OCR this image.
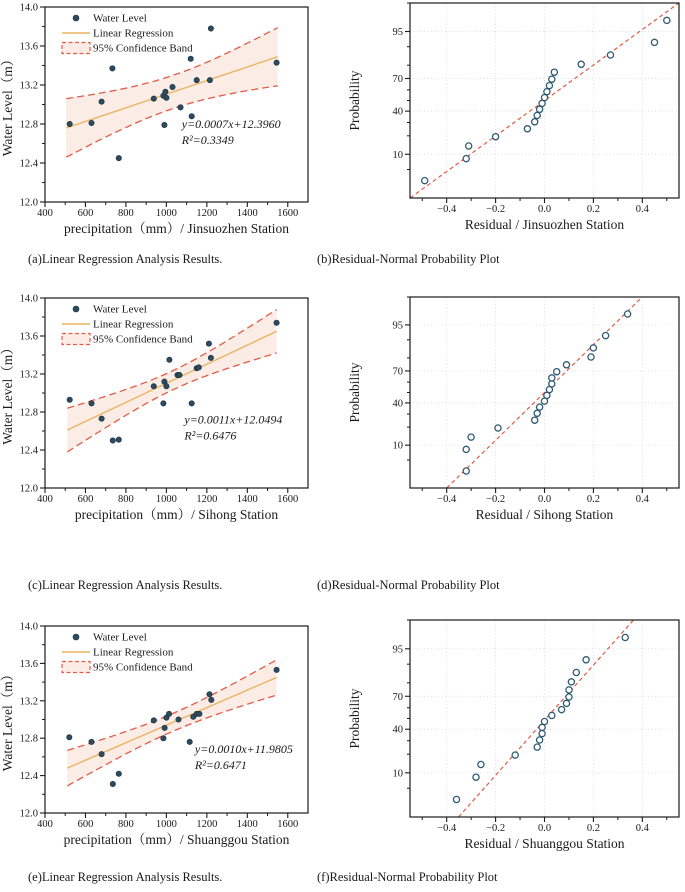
12.0
12.4
12.8
13.2
13.6
14.0
400 600 800 1000 1200 1400 1600
precipitation（mm）/ Jinsuozhen Station
Water Level（m）
Water Level
Linear Regression
95% Confidence Band
y=0.0007x+12.3960
R²=0.3349
10
40
70
95
−0.4	−0.2	0.0	0.2	0.4
Residual / Jinsuozhen Station
Probability
12.0
12.4
12.8
13.2
13.6
14.0
400 600 800 1000 1200 1400 1600
precipitation（mm）/ Sihong Station
Water Level（m）
Water Level
Linear Regression
95% Confidence Band
y=0.0011x+12.0494
R²=0.6476
10
40
70
95
−0.4	−0.2	0.0	0.2	0.4
Residual / Sihong Station
Probability
12.0
12.4
12.8
13.2
13.6
14.0
400 600 800 1000 1200 1400 1600
precipitation（mm）/ Shuanggou Station
Water Level（m）
Water Level
Linear Regression
95% Confidence Band
y=0.0010x+11.9805
R²=0.6471
10
40
70
95
−0.4	−0.2	0.0	0.2	0.4
Residual / Shuanggou Station
Probability
(a)Linear Regression Analysis Results.	(b)Residual-Normal Probability Plot
(c)Linear Regression Analysis Results.	(d)Residual-Normal Probability Plot
(e)Linear Regression Analysis Results.	(f)Residual-Normal Probability Plot
